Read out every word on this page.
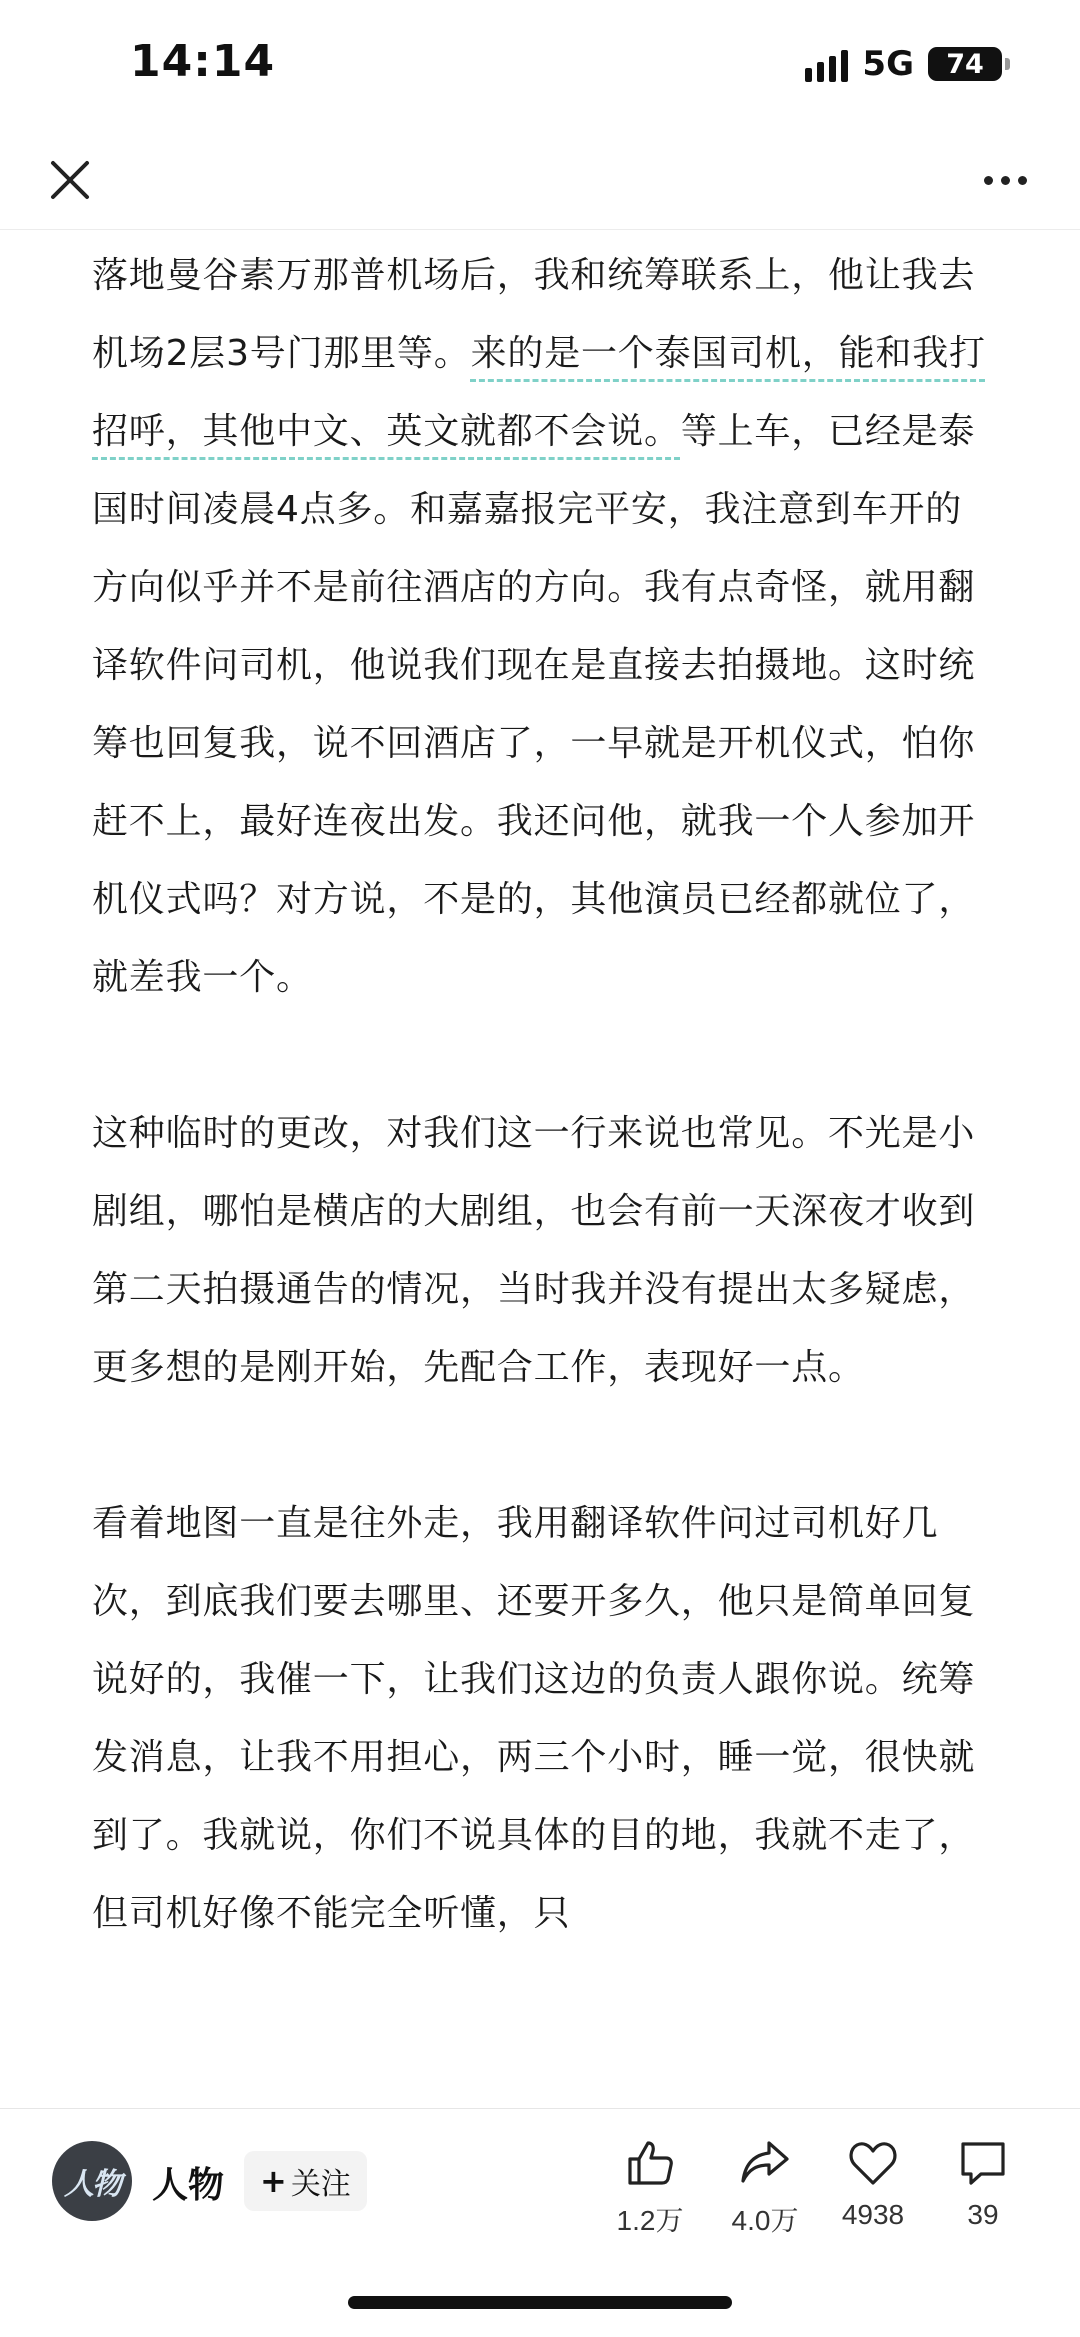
14:14	5G 74

落地曼谷素万那普机场后，我和统筹联系上，他让我去机场2层3号门那里等。来的是一个泰国司机，能和我打招呼，其他中文、英文就都不会说。等上车，已经是泰国时间凌晨4点多。和嘉嘉报完平安，我注意到车开的方向似乎并不是前往酒店的方向。我有点奇怪，就用翻译软件问司机，他说我们现在是直接去拍摄地。这时统筹也回复我，说不回酒店了，一早就是开机仪式，怕你赶不上，最好连夜出发。我还问他，就我一个人参加开机仪式吗？对方说，不是的，其他演员已经都就位了，就差我一个。

这种临时的更改，对我们这一行来说也常见。不光是小剧组，哪怕是横店的大剧组，也会有前一天深夜才收到第二天拍摄通告的情况，当时我并没有提出太多疑虑，更多想的是刚开始，先配合工作，表现好一点。

看着地图一直是往外走，我用翻译软件问过司机好几次，到底我们要去哪里、还要开多久，他只是简单回复说好的，我催一下，让我们这边的负责人跟你说。统筹发消息，让我不用担心，两三个小时，睡一觉，很快就到了。我就说，你们不说具体的目的地，我就不走了，但司机好像不能完全听懂，只

人物 人物 + 关注
1.2万 4.0万 4938 39
